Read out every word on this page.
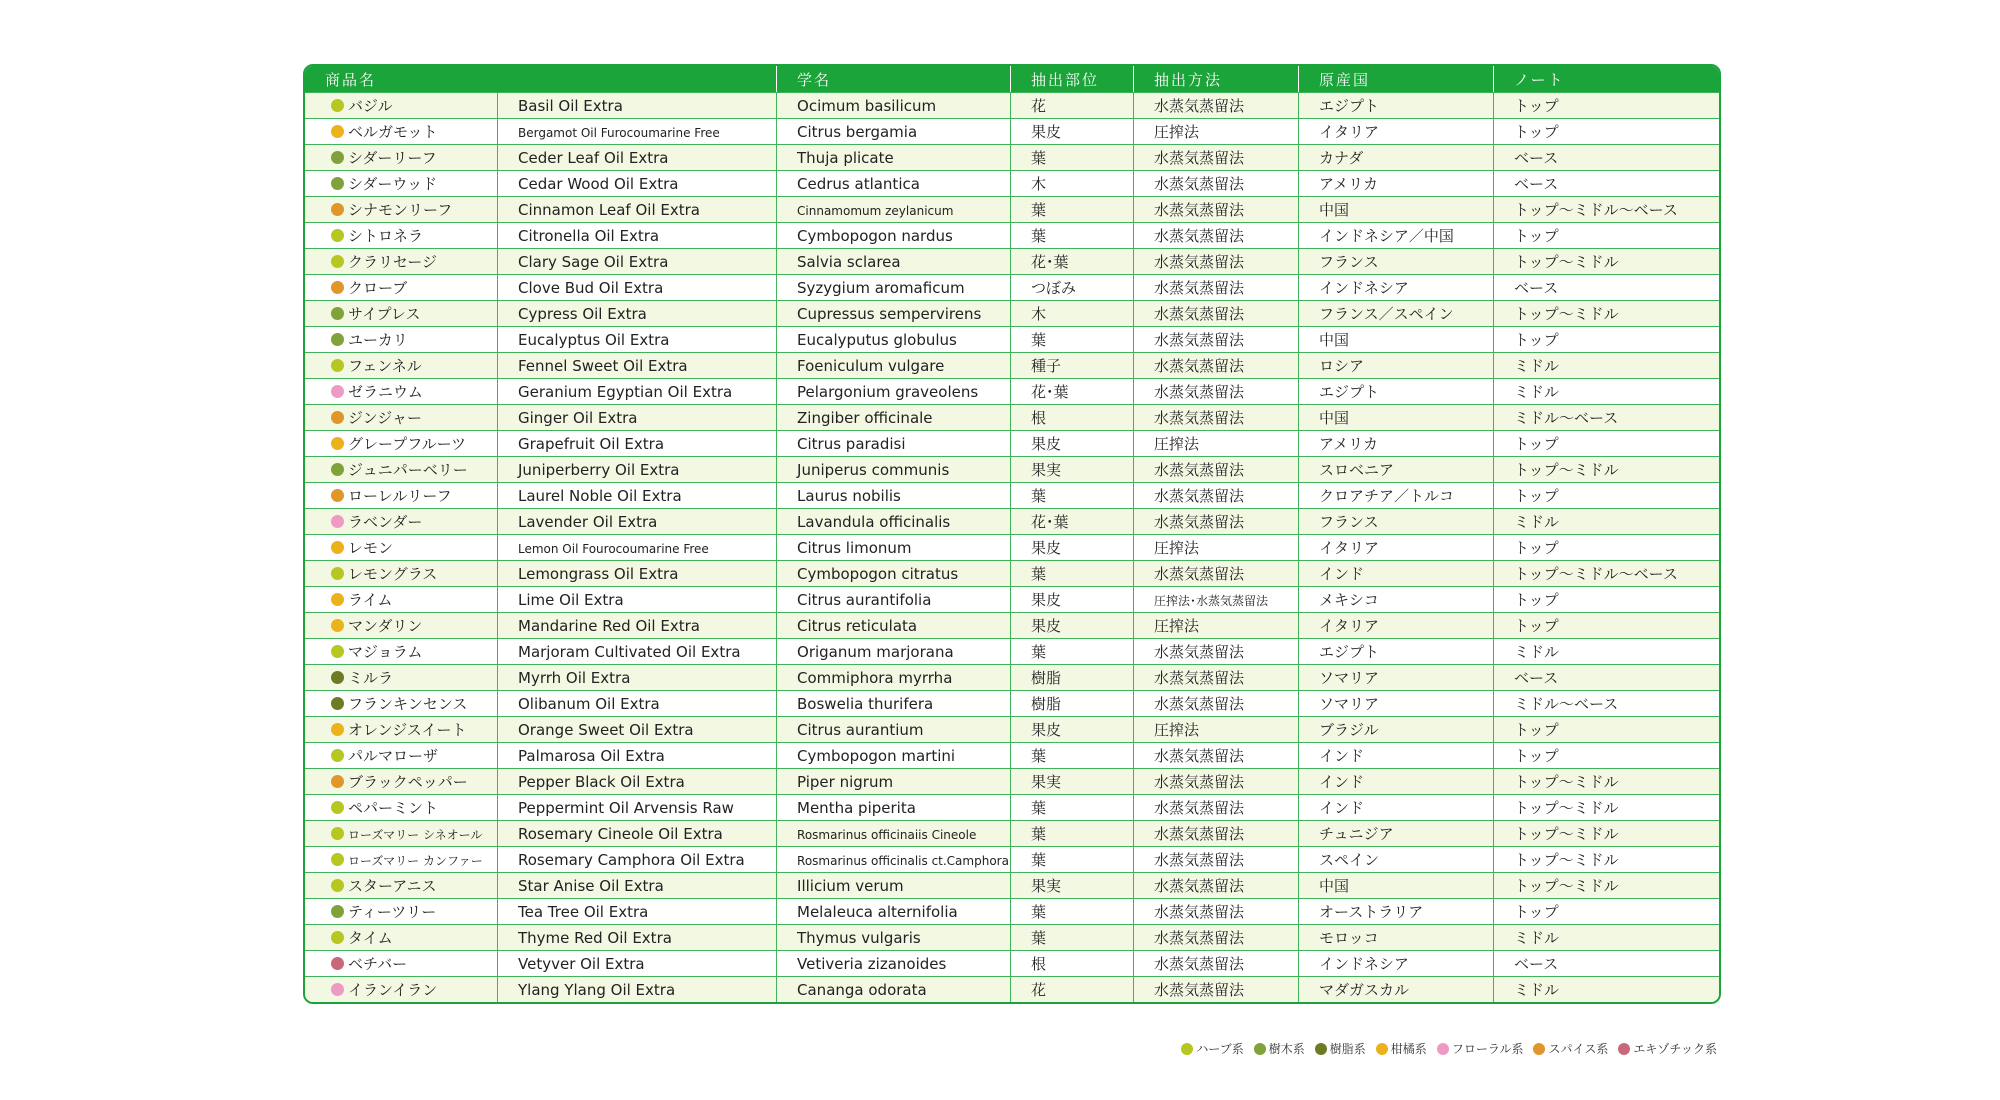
商品名		学名	抽出部位	抽出方法	原産国	ノート
バジル	Basil Oil Extra	Ocimum basilicum	花	水蒸気蒸留法	エジプト	トップ
ベルガモット	Bergamot Oil Furocoumarine Free	Citrus bergamia	果皮	圧搾法	イタリア	トップ
シダーリーフ	Ceder Leaf Oil Extra	Thuja plicate	葉	水蒸気蒸留法	カナダ	ベース
シダーウッド	Cedar Wood Oil Extra	Cedrus atlantica	木	水蒸気蒸留法	アメリカ	ベース
シナモンリーフ	Cinnamon Leaf Oil Extra	Cinnamomum zeylanicum	葉	水蒸気蒸留法	中国	トップ～ミドル～ベース
シトロネラ	Citronella Oil Extra	Cymbopogon nardus	葉	水蒸気蒸留法	インドネシア／中国	トップ
クラリセージ	Clary Sage Oil Extra	Salvia sclarea	花･葉	水蒸気蒸留法	フランス	トップ～ミドル
クローブ	Clove Bud Oil Extra	Syzygium aromaficum	つぼみ	水蒸気蒸留法	インドネシア	ベース
サイプレス	Cypress Oil Extra	Cupressus sempervirens	木	水蒸気蒸留法	フランス／スペイン	トップ～ミドル
ユーカリ	Eucalyptus Oil Extra	Eucalyputus globulus	葉	水蒸気蒸留法	中国	トップ
フェンネル	Fennel Sweet Oil Extra	Foeniculum vulgare	種子	水蒸気蒸留法	ロシア	ミドル
ゼラニウム	Geranium Egyptian Oil Extra	Pelargonium graveolens	花･葉	水蒸気蒸留法	エジプト	ミドル
ジンジャー	Ginger Oil Extra	Zingiber officinale	根	水蒸気蒸留法	中国	ミドル～ベース
グレープフルーツ	Grapefruit Oil Extra	Citrus paradisi	果皮	圧搾法	アメリカ	トップ
ジュニパーベリー	Juniperberry Oil Extra	Juniperus communis	果実	水蒸気蒸留法	スロベニア	トップ～ミドル
ローレルリーフ	Laurel Noble Oil Extra	Laurus nobilis	葉	水蒸気蒸留法	クロアチア／トルコ	トップ
ラベンダー	Lavender Oil Extra	Lavandula officinalis	花･葉	水蒸気蒸留法	フランス	ミドル
レモン	Lemon Oil Fourocoumarine Free	Citrus limonum	果皮	圧搾法	イタリア	トップ
レモングラス	Lemongrass Oil Extra	Cymbopogon citratus	葉	水蒸気蒸留法	インド	トップ～ミドル～ベース
ライム	Lime Oil Extra	Citrus aurantifolia	果皮	圧搾法･水蒸気蒸留法	メキシコ	トップ
マンダリン	Mandarine Red Oil Extra	Citrus reticulata	果皮	圧搾法	イタリア	トップ
マジョラム	Marjoram Cultivated Oil Extra	Origanum marjorana	葉	水蒸気蒸留法	エジプト	ミドル
ミルラ	Myrrh Oil Extra	Commiphora myrrha	樹脂	水蒸気蒸留法	ソマリア	ベース
フランキンセンス	Olibanum Oil Extra	Boswelia thurifera	樹脂	水蒸気蒸留法	ソマリア	ミドル～ベース
オレンジスイート	Orange Sweet Oil Extra	Citrus aurantium	果皮	圧搾法	ブラジル	トップ
パルマローザ	Palmarosa Oil Extra	Cymbopogon martini	葉	水蒸気蒸留法	インド	トップ
ブラックペッパー	Pepper Black Oil Extra	Piper nigrum	果実	水蒸気蒸留法	インド	トップ～ミドル
ペパーミント	Peppermint Oil Arvensis Raw	Mentha piperita	葉	水蒸気蒸留法	インド	トップ～ミドル
ローズマリー シネオール	Rosemary Cineole Oil Extra	Rosmarinus officinaiis Cineole	葉	水蒸気蒸留法	チュニジア	トップ～ミドル
ローズマリー カンファー	Rosemary Camphora Oil Extra	Rosmarinus officinalis ct.Camphora	葉	水蒸気蒸留法	スペイン	トップ～ミドル
スターアニス	Star Anise Oil Extra	Illicium verum	果実	水蒸気蒸留法	中国	トップ～ミドル
ティーツリー	Tea Tree Oil Extra	Melaleuca alternifolia	葉	水蒸気蒸留法	オーストラリア	トップ
タイム	Thyme Red Oil Extra	Thymus vulgaris	葉	水蒸気蒸留法	モロッコ	ミドル
ベチバー	Vetyver Oil Extra	Vetiveria zizanoides	根	水蒸気蒸留法	インドネシア	ベース
イランイラン	Ylang Ylang Oil Extra	Cananga odorata	花	水蒸気蒸留法	マダガスカル	ミドル
ハーブ系 樹木系 樹脂系 柑橘系 フローラル系 スパイス系 エキゾチック系
